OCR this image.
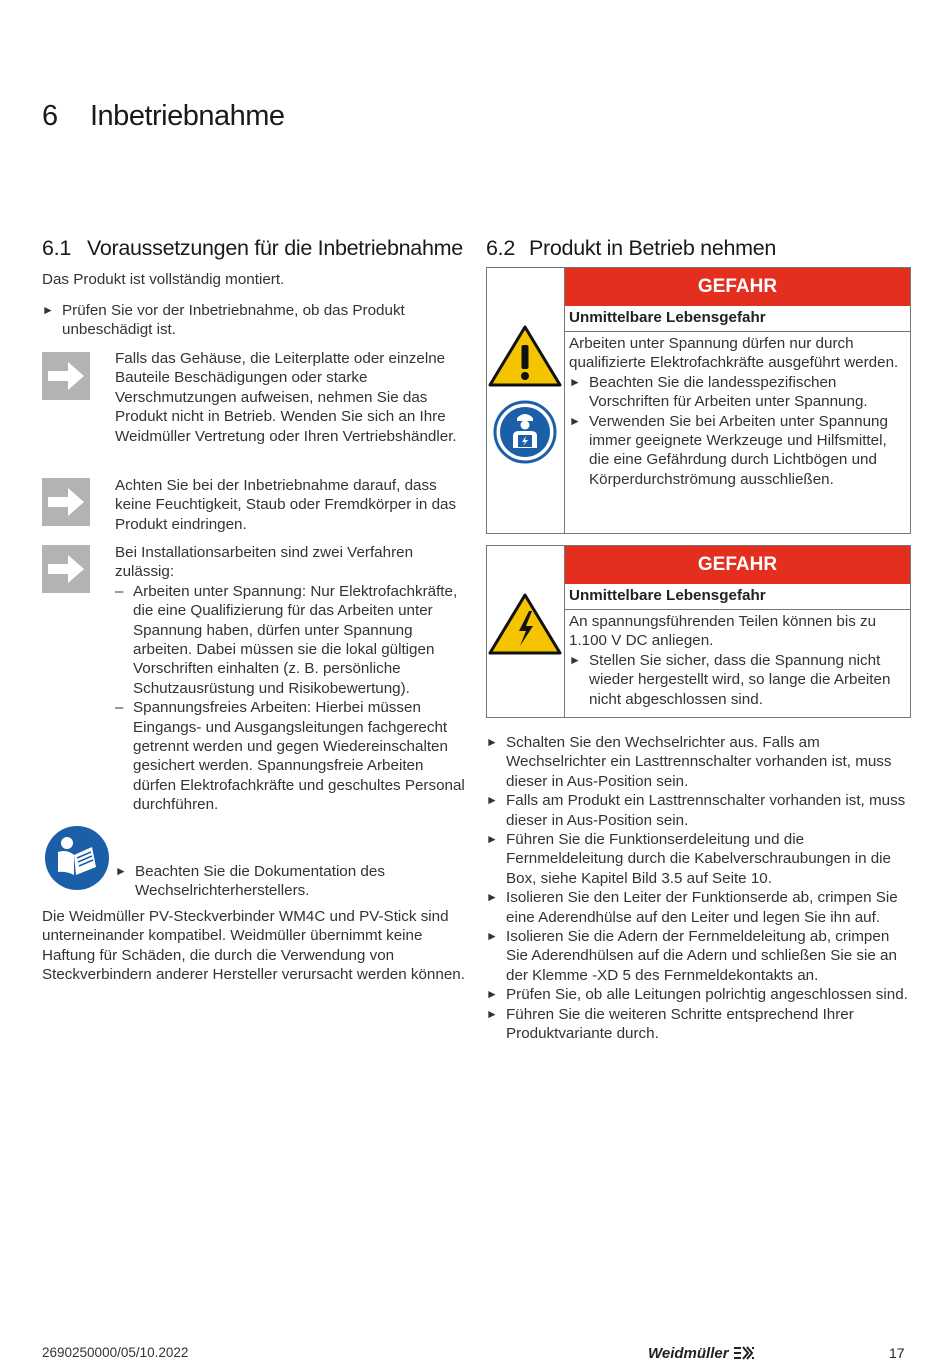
6 Inbetriebnahme
6.1 Voraussetzungen für die Inbetriebnahme

Das Produkt ist vollständig montiert.

► Prüfen Sie vor der Inbetriebnahme, ob das Produkt unbeschädigt ist.

Falls das Gehäuse, die Leiterplatte oder einzelne Bauteile Beschädigungen oder starke Verschmutzungen aufweisen, nehmen Sie das Produkt nicht in Betrieb. Wenden Sie sich an Ihre Weidmüller Vertretung oder Ihren Vertriebshändler.

Achten Sie bei der Inbetriebnahme darauf, dass keine Feuchtigkeit, Staub oder Fremdkörper in das Produkt eindringen.

Bei Installationsarbeiten sind zwei Verfahren zulässig:

– Arbeiten unter Spannung: Nur Elektrofachkräfte, die eine Qualifizierung für das Arbeiten unter Spannung haben, dürfen unter Spannung arbeiten. Dabei müssen sie die lokal gültigen Vorschriften einhalten (z. B. persönliche Schutzausrüstung und Risikobewertung).

– Spannungsfreies Arbeiten: Hierbei müssen Eingangs- und Ausgangsleitungen fachgerecht getrennt werden und gegen Wiedereinschalten gesichert werden. Spannungsfreie Arbeiten dürfen Elektrofachkräfte und geschultes Personal durchführen.

► Beachten Sie die Dokumentation des Wechselrichterherstellers.

Die Weidmüller PV-Steckverbinder WM4C und PV-Stick sind unterneinander kompatibel. Weidmüller übernimmt keine Haftung für Schäden, die durch die Verwendung von Steckverbindern anderer Hersteller verursacht werden können.

6.2 Produkt in Betrieb nehmen
GEFAHR
Unmittelbare Lebensgefahr

Arbeiten unter Spannung dürfen nur durch qualifizierte Elektrofachkräfte ausgeführt werden.

► Beachten Sie die landesspezifischen Vorschriften für Arbeiten unter Spannung.

► Verwenden Sie bei Arbeiten unter Spannung immer geeignete Werkzeuge und Hilfsmittel, die eine Gefährdung durch Lichtbögen und Körperdurchströmung ausschließen.

GEFAHR
Unmittelbare Lebensgefahr

An spannungsführenden Teilen können bis zu 1.100 V DC anliegen.

► Stellen Sie sicher, dass die Spannung nicht wieder hergestellt wird, so lange die Arbeiten nicht abgeschlossen sind.

► Schalten Sie den Wechselrichter aus. Falls am Wechselrichter ein Lasttrennschalter vorhanden ist, muss dieser in Aus-Position sein.

► Falls am Produkt ein Lasttrennschalter vorhanden ist, muss dieser in Aus-Position sein.

► Führen Sie die Funktionserdeleitung und die Fernmeldeleitung durch die Kabelverschraubungen in die Box, siehe Kapitel Bild 3.5 auf Seite 10.

► Isolieren Sie den Leiter der Funktionserde ab, crimpen Sie eine Aderendhülse auf den Leiter und legen Sie ihn auf.

► Isolieren Sie die Adern der Fernmeldeleitung ab, crimpen Sie Aderendhülsen auf die Adern und schließen Sie sie an der Klemme -XD 5 des Fernmeldekontakts an.

► Prüfen Sie, ob alle Leitungen polrichtig angeschlossen sind.

► Führen Sie die weiteren Schritte entsprechend Ihrer Produktvariante durch.

2690250000/05/10.2022	Weidmüller	17
